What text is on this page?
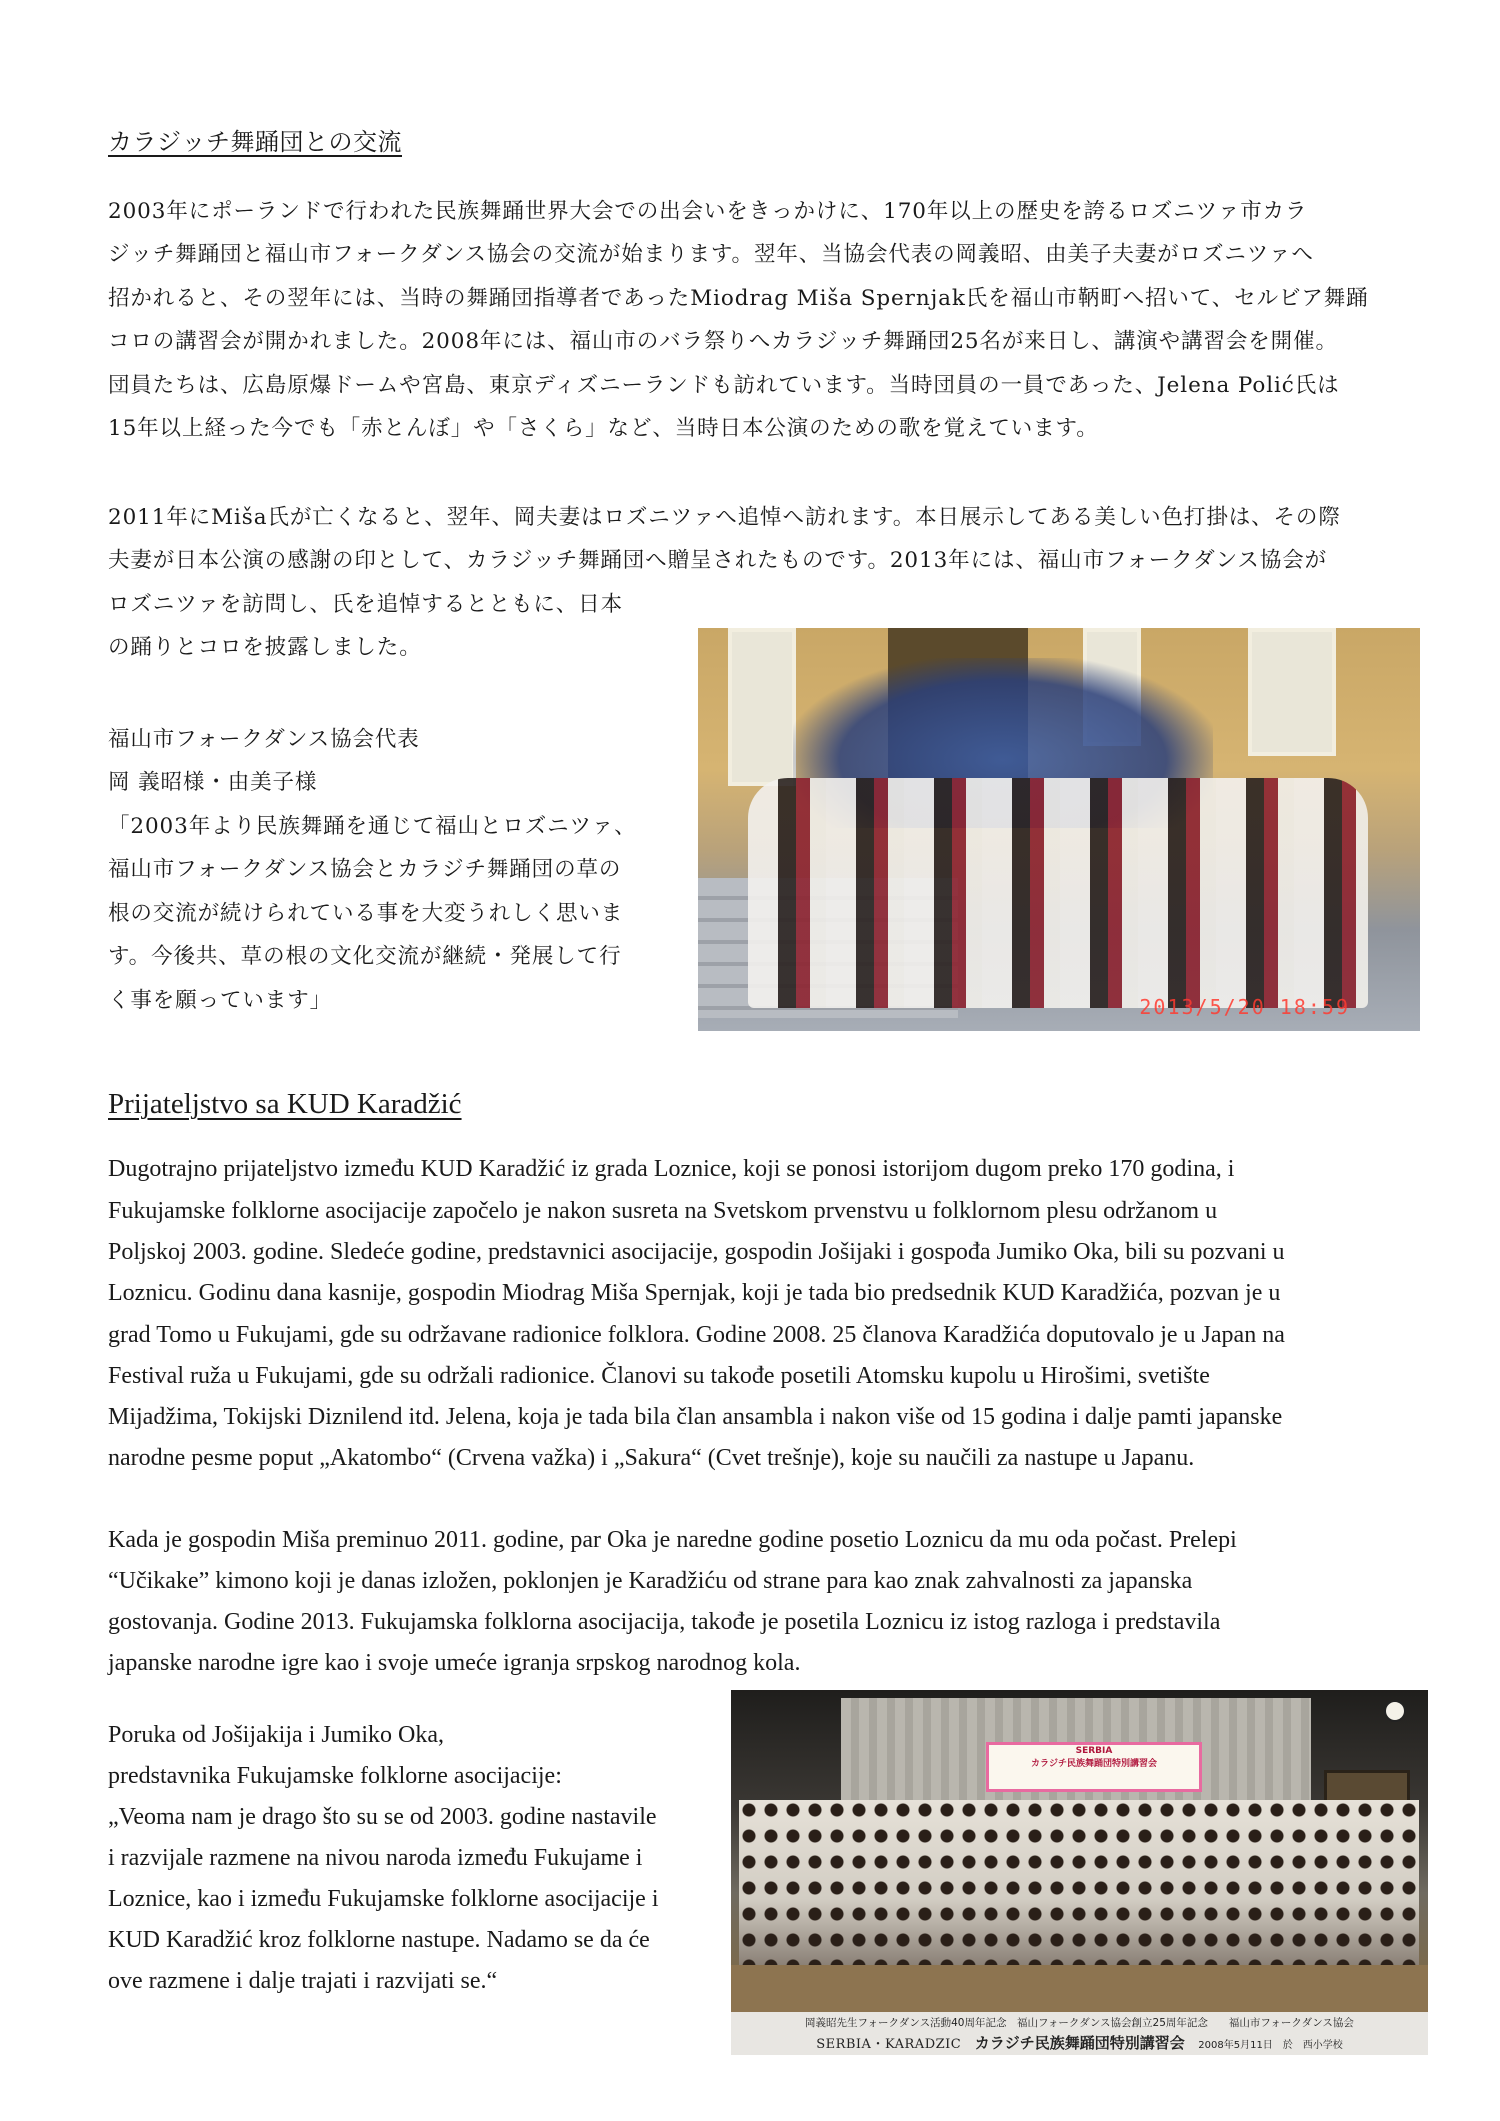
カラジッチ舞踊団との交流
2003年にポーランドで行われた民族舞踊世界大会での出会いをきっかけに、170年以上の歴史を誇るロズニツァ市カラ
ジッチ舞踊団と福山市フォークダンス協会の交流が始まります。翌年、当協会代表の岡義昭、由美子夫妻がロズニツァへ
招かれると、その翌年には、当時の舞踊団指導者であったMiodrag Miša Spernjak氏を福山市鞆町へ招いて、セルビア舞踊
コロの講習会が開かれました。2008年には、福山市のバラ祭りへカラジッチ舞踊団25名が来日し、講演や講習会を開催。
団員たちは、広島原爆ドームや宮島、東京ディズニーランドも訪れています。当時団員の一員であった、Jelena Polić氏は
15年以上経った今でも「赤とんぼ」や「さくら」など、当時日本公演のための歌を覚えています。
2011年にMiša氏が亡くなると、翌年、岡夫妻はロズニツァへ追悼へ訪れます。本日展示してある美しい色打掛は、その際
夫妻が日本公演の感謝の印として、カラジッチ舞踊団へ贈呈されたものです。2013年には、福山市フォークダンス協会が
ロズニツァを訪問し、氏を追悼するとともに、日本
の踊りとコロを披露しました。
福山市フォークダンス協会代表
岡 義昭様・由美子様
「2003年より民族舞踊を通じて福山とロズニツァ、
福山市フォークダンス協会とカラジチ舞踊団の草の
根の交流が続けられている事を大変うれしく思いま
す。今後共、草の根の文化交流が継続・発展して行
く事を願っています」	2013/5/20 18:59
Prijateljstvo sa KUD Karadžić
Dugotrajno prijateljstvo između KUD Karadžić iz grada Loznice, koji se ponosi istorijom dugom preko 170 godina, i
Fukujamske folklorne asocijacije započelo je nakon susreta na Svetskom prvenstvu u folklornom plesu održanom u
Poljskoj 2003. godine. Sledeće godine, predstavnici asocijacije, gospodin Jošijaki i gospođa Jumiko Oka, bili su pozvani u
Loznicu. Godinu dana kasnije, gospodin Miodrag Miša Spernjak, koji je tada bio predsednik KUD Karadžića, pozvan je u
grad Tomo u Fukujami, gde su održavane radionice folklora. Godine 2008. 25 članova Karadžića doputovalo je u Japan na
Festival ruža u Fukujami, gde su održali radionice. Članovi su takođe posetili Atomsku kupolu u Hirošimi, svetište
Mijadžima, Tokijski Diznilend itd. Jelena, koja je tada bila član ansambla i nakon više od 15 godina i dalje pamti japanske
narodne pesme poput „Akatombo“ (Crvena važka) i „Sakura“ (Cvet trešnje), koje su naučili za nastupe u Japanu.
Kada je gospodin Miša preminuo 2011. godine, par Oka je naredne godine posetio Loznicu da mu oda počast. Prelepi
“Učikake” kimono koji je danas izložen, poklonjen je Karadžiću od strane para kao znak zahvalnosti za japanska
gostovanja. Godine 2013. Fukujamska folklorna asocijacija, takođe je posetila Loznicu iz istog razloga i predstavila
japanske narodne igre kao i svoje umeće igranja srpskog narodnog kola.
Poruka od Jošijakija i Jumiko Oka,
predstavnika Fukujamske folklorne asocijacije:
„Veoma nam je drago što su se od 2003. godine nastavile
i razvijale razmene na nivou naroda između Fukujame i
Loznice, kao i između Fukujamske folklorne asocijacije i
KUD Karadžić kroz folklorne nastupe. Nadamo se da će
ove razmene i dalje trajati i razvijati se.“
SERBIA
カラジチ民族舞踊団特別講習会
岡義昭先生フォークダンス活動40周年記念　福山フォークダンス協会創立25周年記念　　福山市フォークダンス協会
SERBIA・KARADZIC カラジチ民族舞踊団特別講習会 2008年5月11日　於　西小学校
